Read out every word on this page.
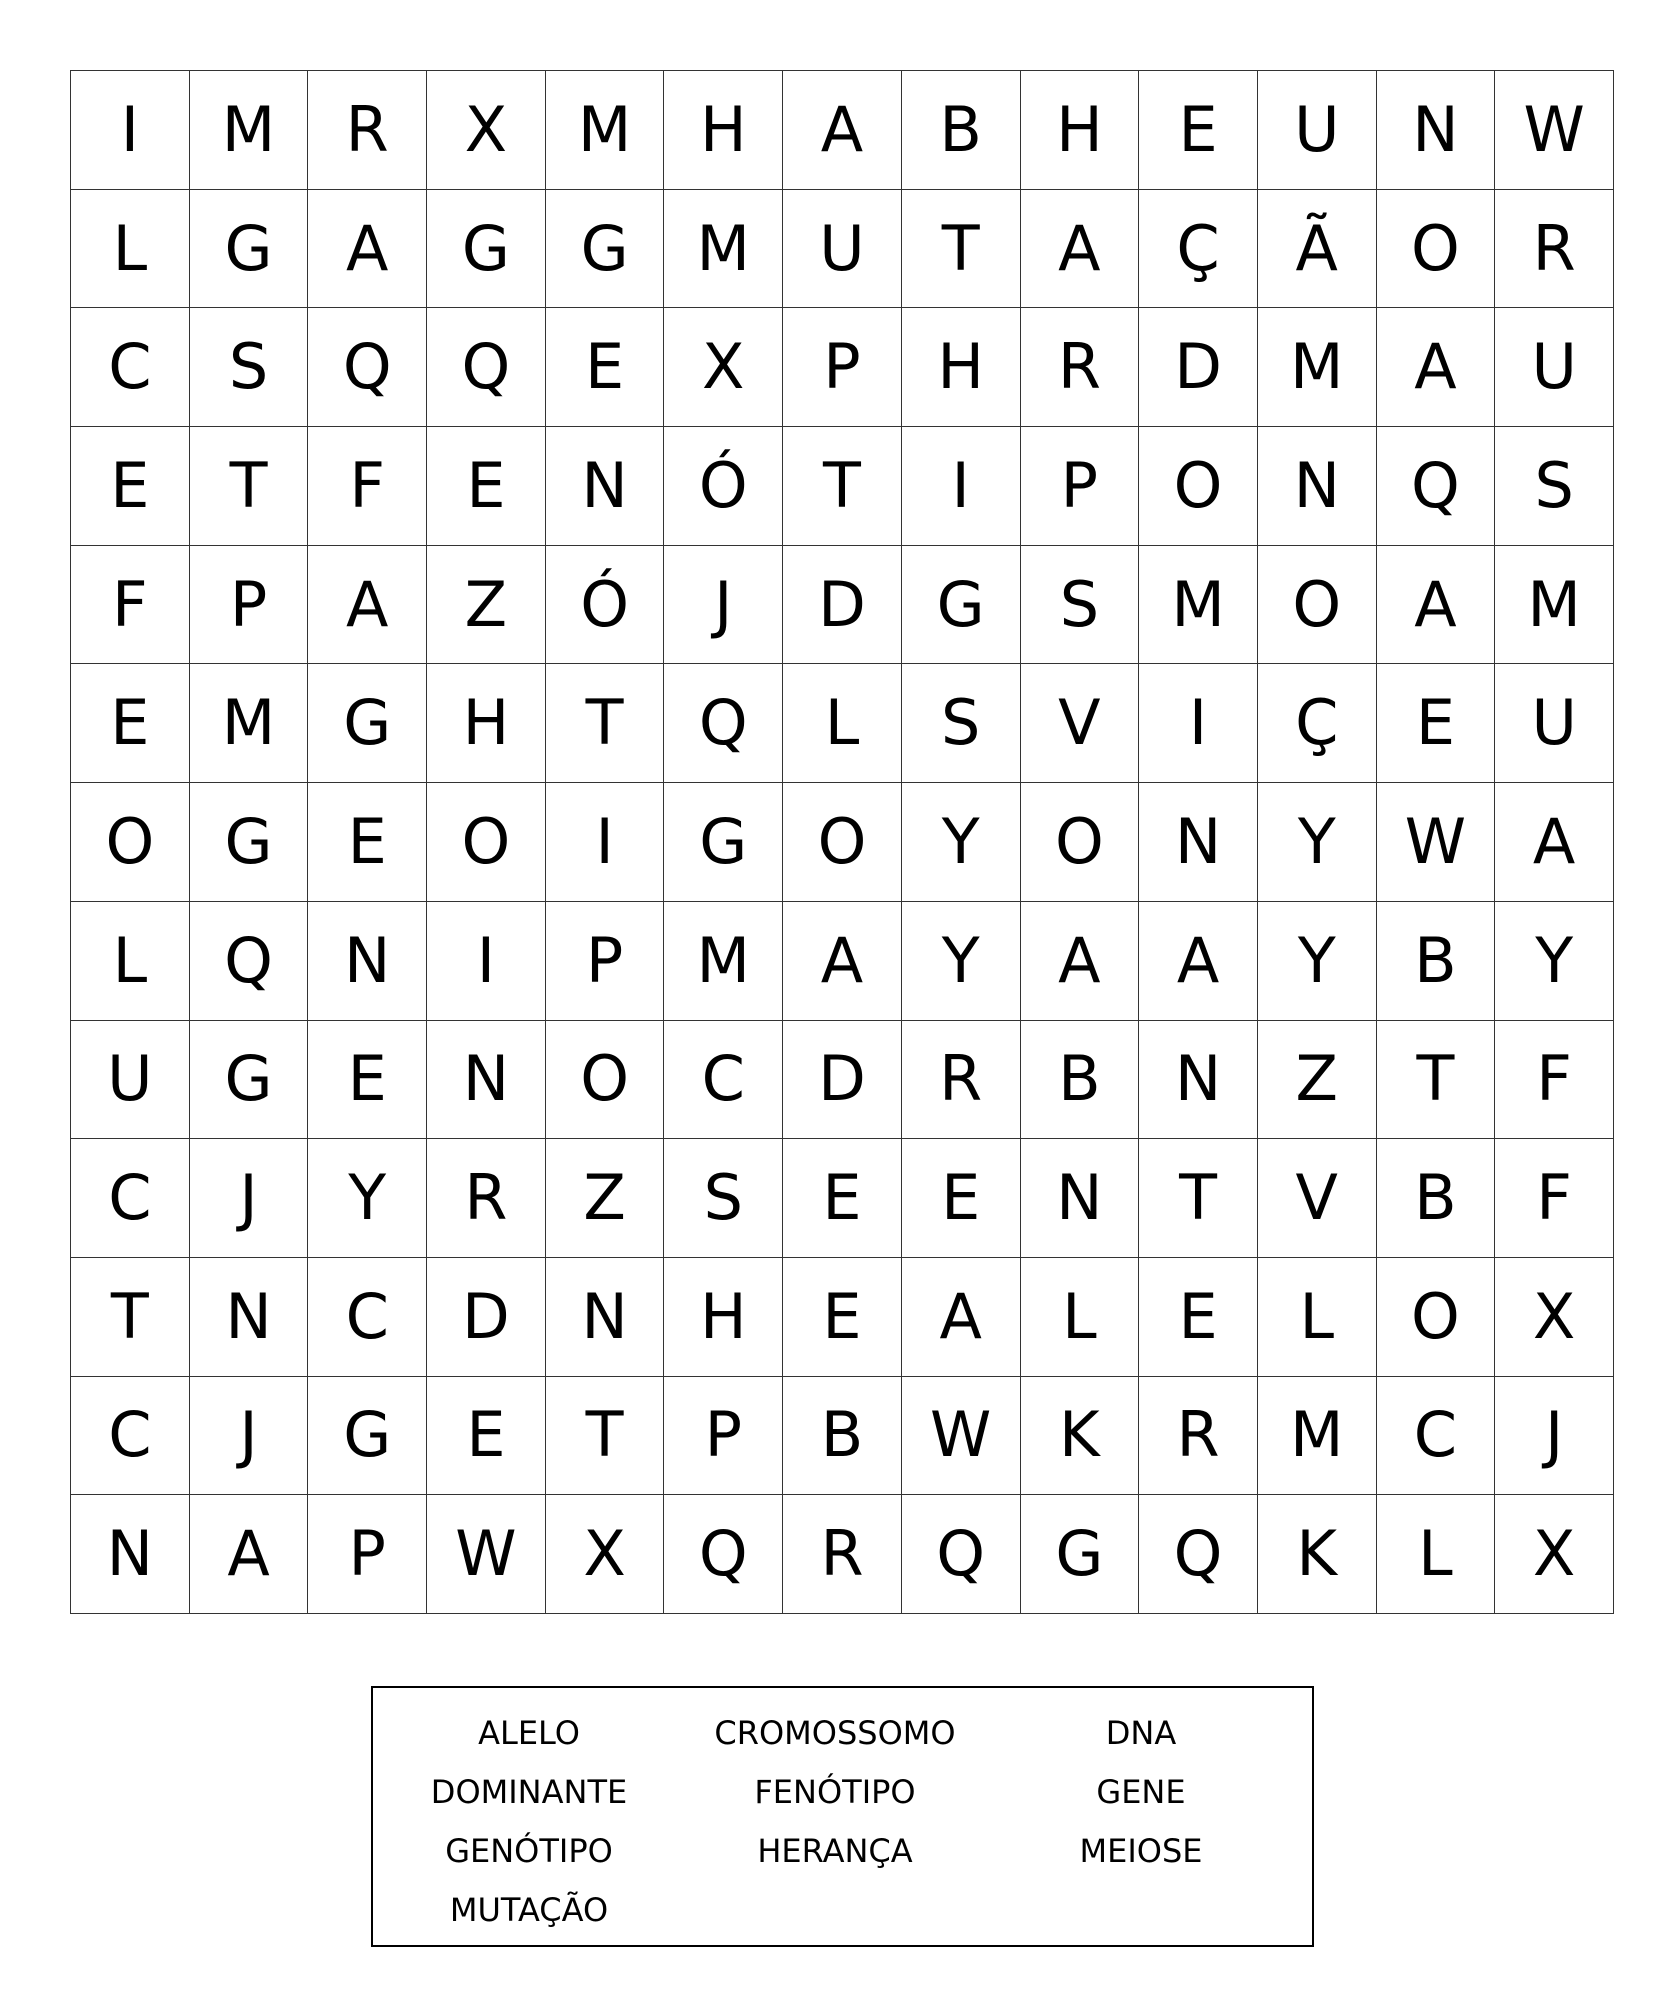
I	M	R	X	M	H	A	B	H	E	U	N	W
L	G	A	G	G	M	U	T	A	Ç	Ã	O	R
C	S	Q	Q	E	X	P	H	R	D	M	A	U
E	T	F	E	N	Ó	T	I	P	O	N	Q	S
F	P	A	Z	Ó	J	D	G	S	M	O	A	M
E	M	G	H	T	Q	L	S	V	I	Ç	E	U
O	G	E	O	I	G	O	Y	O	N	Y	W	A
L	Q	N	I	P	M	A	Y	A	A	Y	B	Y
U	G	E	N	O	C	D	R	B	N	Z	T	F
C	J	Y	R	Z	S	E	E	N	T	V	B	F
T	N	C	D	N	H	E	A	L	E	L	O	X
C	J	G	E	T	P	B	W	K	R	M	C	J
N	A	P	W	X	Q	R	Q	G	Q	K	L	X
ALELO
DOMINANTE
GENÓTIPO
MUTAÇÃO
CROMOSSOMO
FENÓTIPO
HERANÇA
DNA
GENE
MEIOSE
